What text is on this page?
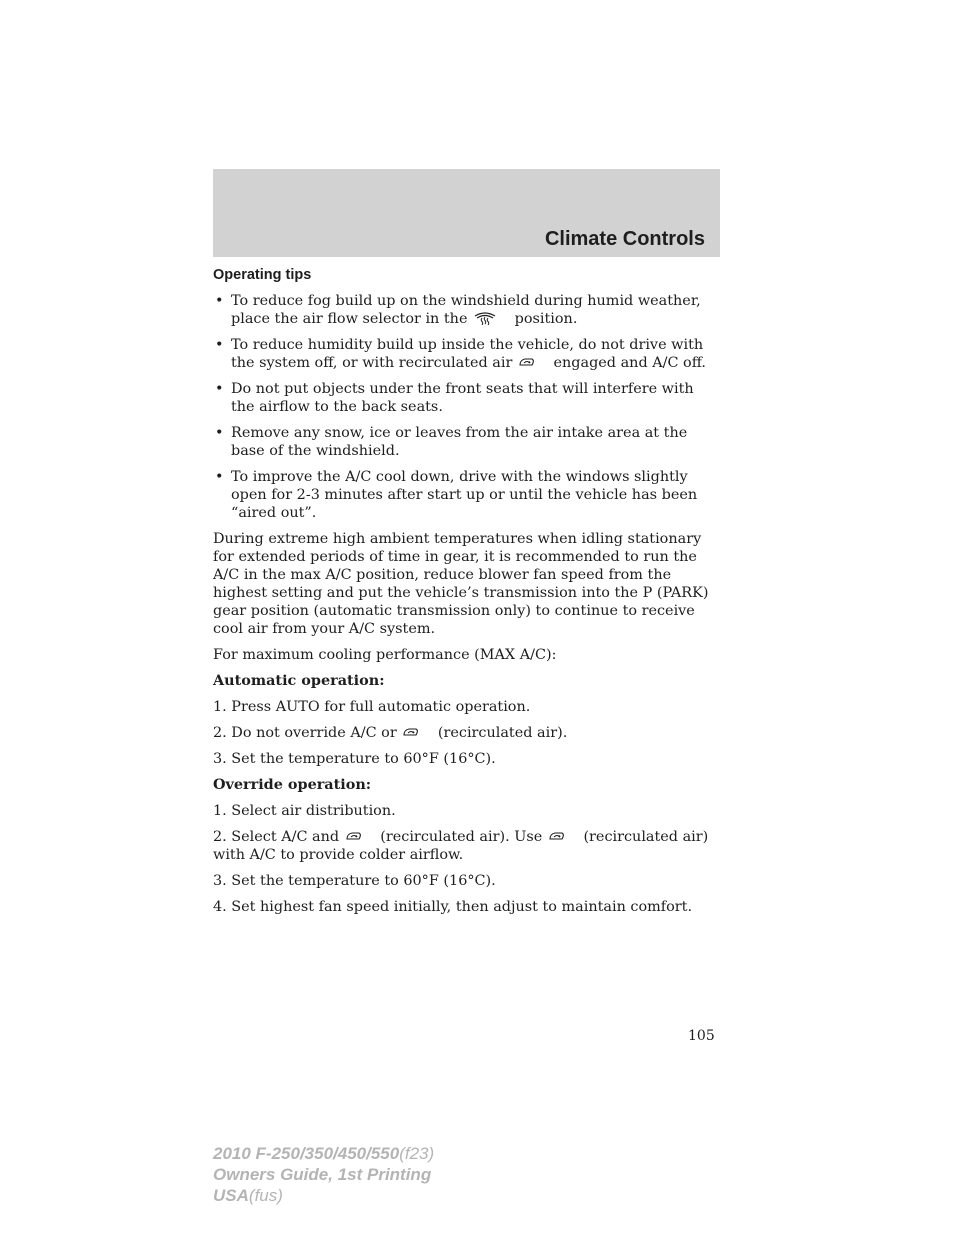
Climate Controls
Operating tips
• To reduce fog build up on the windshield during humid weather, place the air flow selector in the	position.
• To reduce humidity build up inside the vehicle, do not drive with the system off, or with recirculated air	engaged and A/C off.
• Do not put objects under the front seats that will interfere with the airflow to the back seats.
• Remove any snow, ice or leaves from the air intake area at the base of the windshield.
• To improve the A/C cool down, drive with the windows slightly open for 2-3 minutes after start up or until the vehicle has been “aired out”.

During extreme high ambient temperatures when idling stationary for extended periods of time in gear, it is recommended to run the A/C in the max A/C position, reduce blower fan speed from the highest setting and put the vehicle’s transmission into the P (PARK) gear position (automatic transmission only) to continue to receive cool air from your A/C system.

For maximum cooling performance (MAX A/C):

Automatic operation:

1. Press AUTO for full automatic operation.

2. Do not override A/C or	(recirculated air).

3. Set the temperature to 60°F (16°C).

Override operation:

1. Select air distribution.

2. Select A/C and	(recirculated air). Use	(recirculated air) with A/C to provide colder airflow.

3. Set the temperature to 60°F (16°C).

4. Set highest fan speed initially, then adjust to maintain comfort.

105
2010 F-250/350/450/550(f23)
Owners Guide, 1st Printing
USA(fus)
